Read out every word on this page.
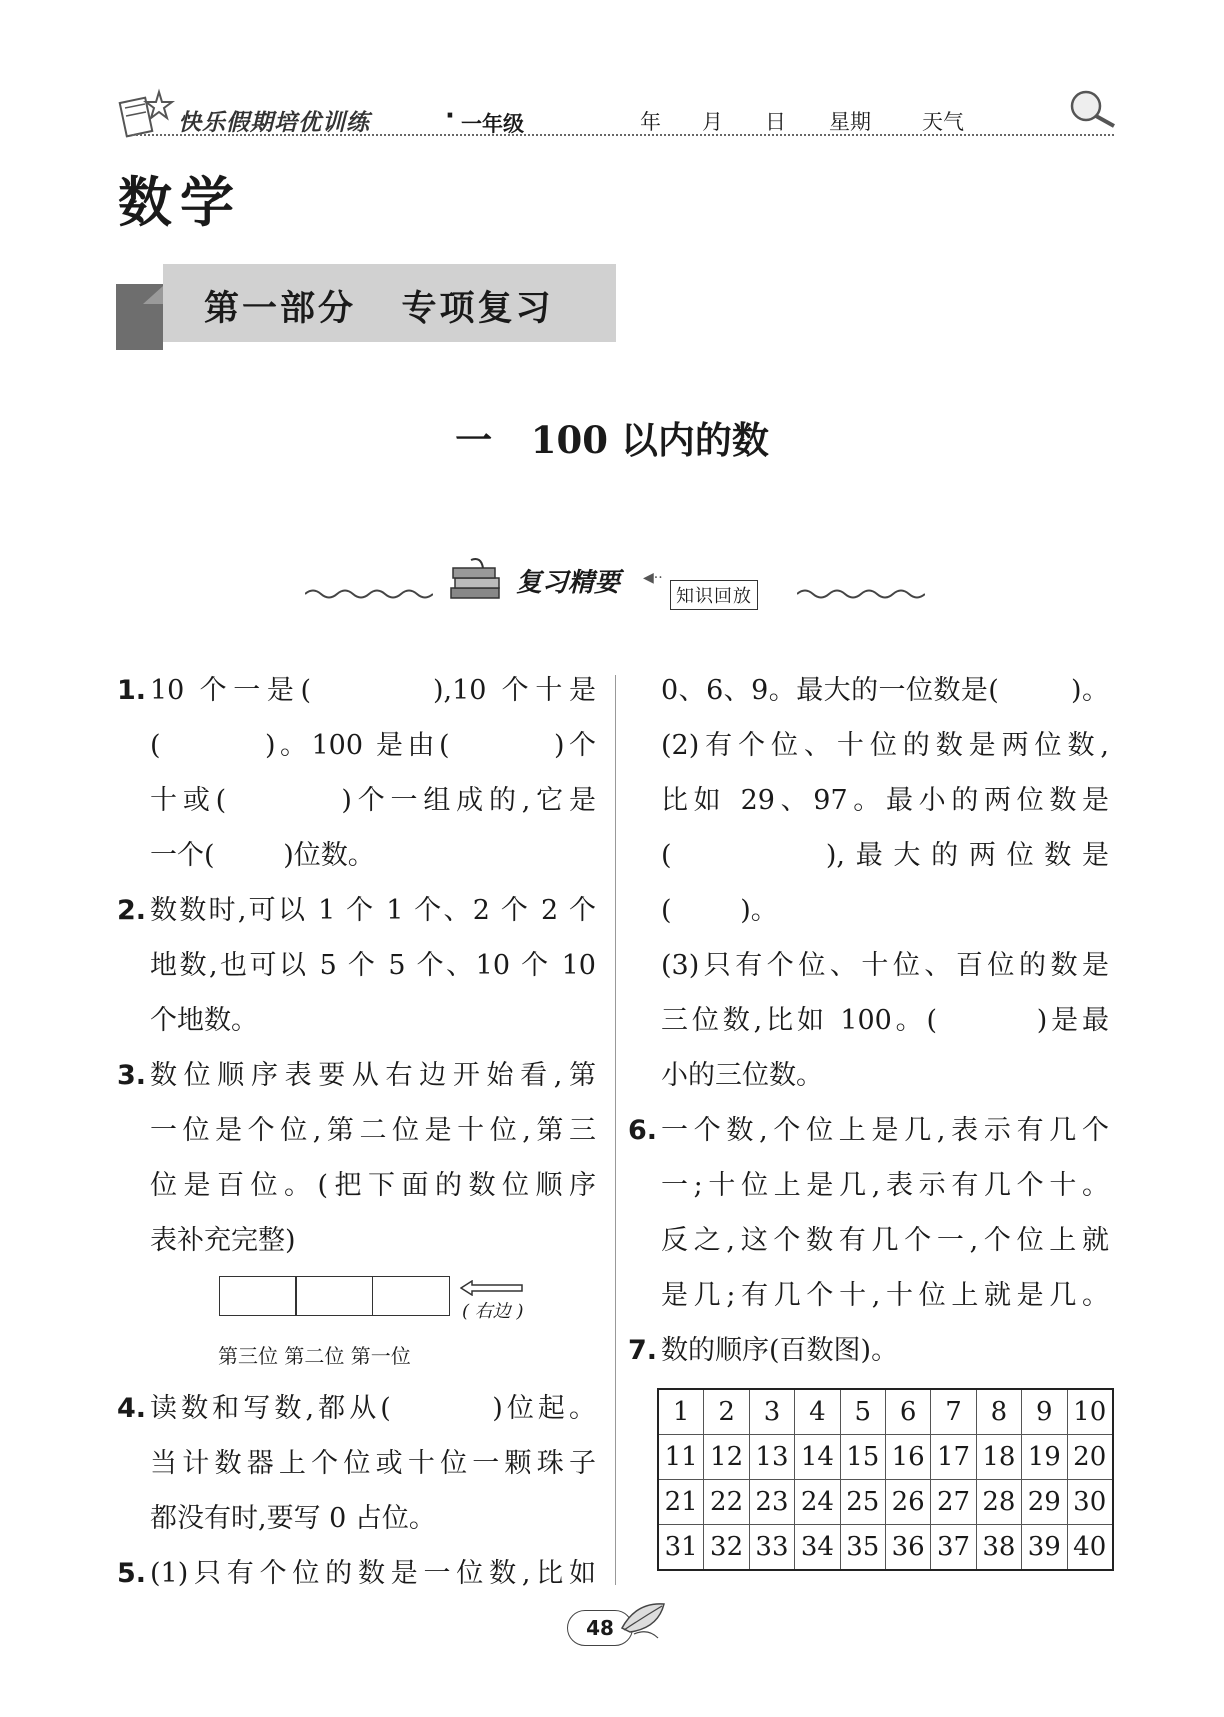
快乐假期培优训练	· 一年级	年 月 日 星期 天气
数学
第一部分   专项复习
一   100 以内的数
复习精要 ◀··
知识回放
1. 10 个一是(        ),10 个十是
(        )。100 是由(        )个
十或(        )个一组成的,它是
一个(        )位数。
2. 数数时,可以 1 个 1 个、2 个 2 个
地数,也可以 5 个 5 个、10 个 10
个地数。
3. 数位顺序表要从右边开始看,第
一位是个位,第二位是十位,第三
位是百位。(把下面的数位顺序
表补充完整)
( 右边 )
第三位 第二位 第一位
4. 读数和写数,都从(        )位起。
当计数器上个位或十位一颗珠子
都没有时,要写 0 占位。
5. (1)只有个位的数是一位数,比如
0、6、9。最大的一位数是(        )。
(2)有个位、十位的数是两位数,
比如 29、97。最小的两位数是
(        ),最大的两位数是
(        )。
(3)只有个位、十位、百位的数是
三位数,比如 100。(        )是最
小的三位数。
6. 一个数,个位上是几,表示有几个
一;十位上是几,表示有几个十。
反之,这个数有几个一,个位上就
是几;有几个十,十位上就是几。
7. 数的顺序(百数图)。
1	2	3	4	5	6	7	8	9	10
11	12	13	14	15	16	17	18	19	20
21	22	23	24	25	26	27	28	29	30
31	32	33	34	35	36	37	38	39	40
48
